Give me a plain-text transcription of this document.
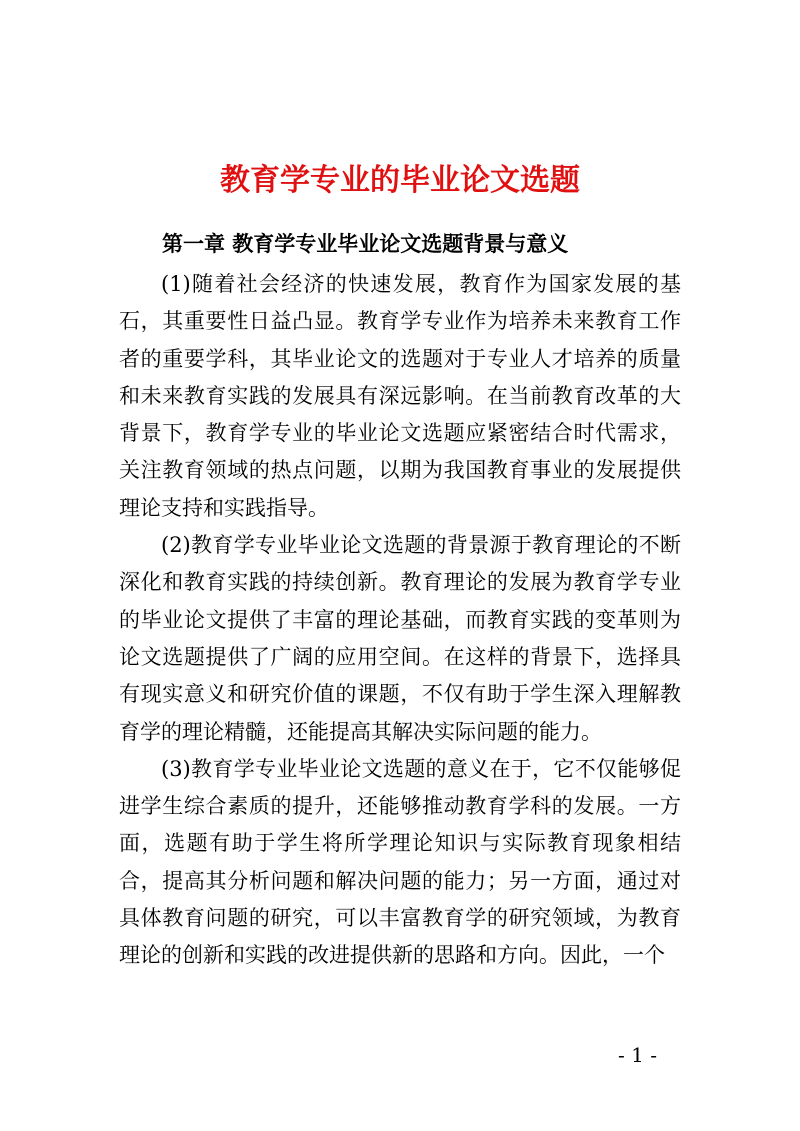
教育学专业的毕业论文选题
第一章 教育学专业毕业论文选题背景与意义

(1)随着社会经济的快速发展，教育作为国家发展的基石，其重要性日益凸显。教育学专业作为培养未来教育工作者的重要学科，其毕业论文的选题对于专业人才培养的质量和未来教育实践的发展具有深远影响。在当前教育改革的大背景下，教育学专业的毕业论文选题应紧密结合时代需求，关注教育领域的热点问题，以期为我国教育事业的发展提供理论支持和实践指导。

(2)教育学专业毕业论文选题的背景源于教育理论的不断深化和教育实践的持续创新。教育理论的发展为教育学专业的毕业论文提供了丰富的理论基础，而教育实践的变革则为论文选题提供了广阔的应用空间。在这样的背景下，选择具有现实意义和研究价值的课题，不仅有助于学生深入理解教育学的理论精髓，还能提高其解决实际问题的能力。

(3)教育学专业毕业论文选题的意义在于，它不仅能够促进学生综合素质的提升，还能够推动教育学科的发展。一方面，选题有助于学生将所学理论知识与实际教育现象相结合，提高其分析问题和解决问题的能力；另一方面，通过对具体教育问题的研究，可以丰富教育学的研究领域，为教育理论的创新和实践的改进提供新的思路和方向。因此，一个

- 1 -
